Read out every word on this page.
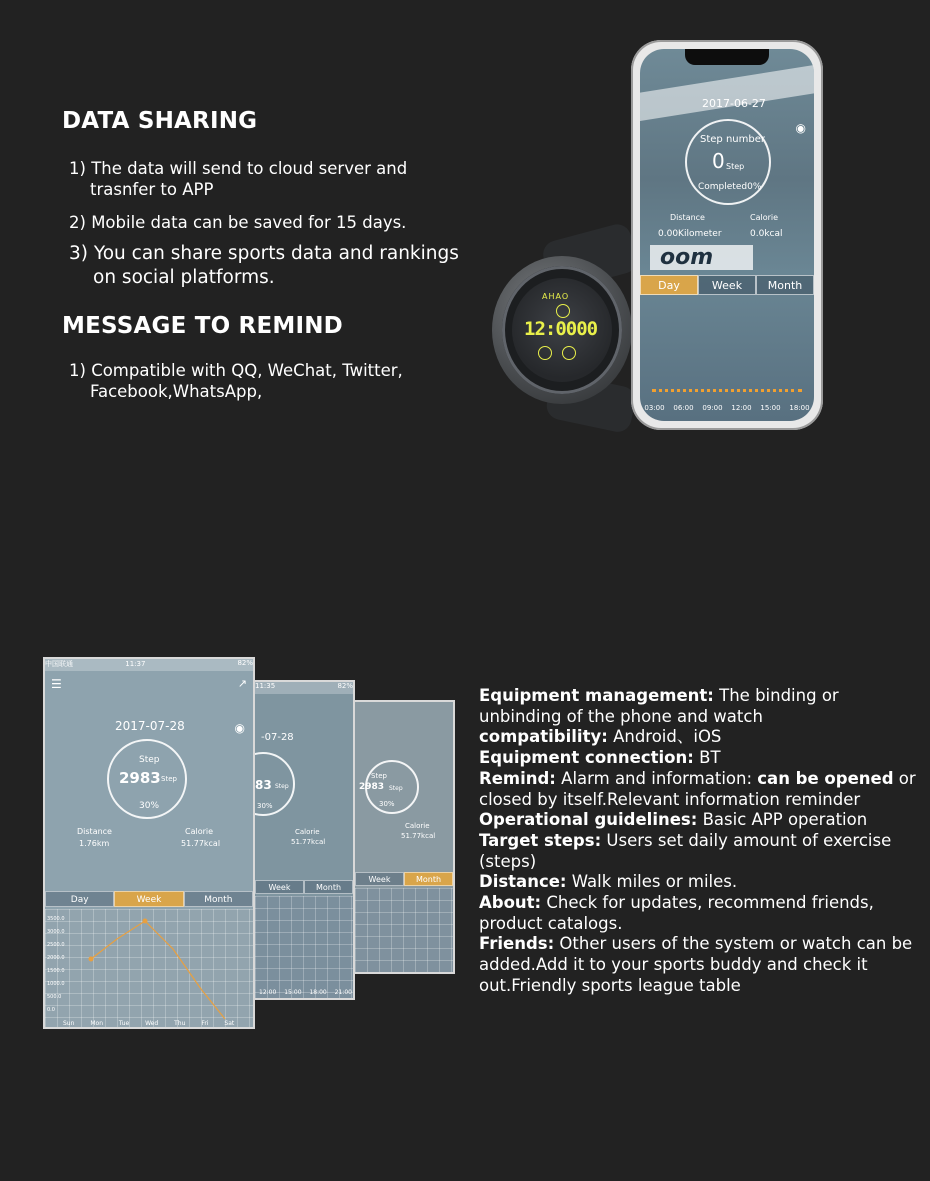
DATA SHARING
1) The data will send to cloud server and
trasnfer to APP
2) Mobile data can be saved for 15 days.
3) You can share sports data and rankings
on social platforms.
MESSAGE TO REMIND
1) Compatible with QQ, WeChat, Twitter,
Facebook,WhatsApp,
AHAO
12:0000
2017-06-27
◉
Step number
0 Step
Completed0%
Distance	Calorie
0.00Kilometer	0.0kcal
oom
Day	Week	Month
03:00 06:00 09:00 12:00 15:00 18:00
Step
2983 Step
30%
Calorie
51.77kcal
Week	Month
11:35	82%
-07-28
83 Step
30%
Calorie
51.77kcal
Week	Month
12:00 15:00 18:00 21:00
中国联通	11:37	82%
☰	↗
2017-07-28	◉
Step
2983 Step
30%
Distance
1.76km
Calorie
51.77kcal
Day	Week	Month
3500.0
3000.0
2500.0
2000.0
1500.0
1000.0
500.0
0.0
Sun	Mon	Tue	Wed	Thu	Fri	Sat
Equipment management: The binding or unbinding of the phone and watch
compatibility: Android、iOS
Equipment connection: BT
Remind: Alarm and information: can be opened or closed by itself.Relevant information reminder
Operational guidelines: Basic APP operation
Target steps: Users set daily amount of exercise (steps)
Distance: Walk miles or miles.
About: Check for updates, recommend friends, product catalogs.
Friends: Other users of the system or watch can be added.Add it to your sports buddy and check it out.Friendly sports league table
